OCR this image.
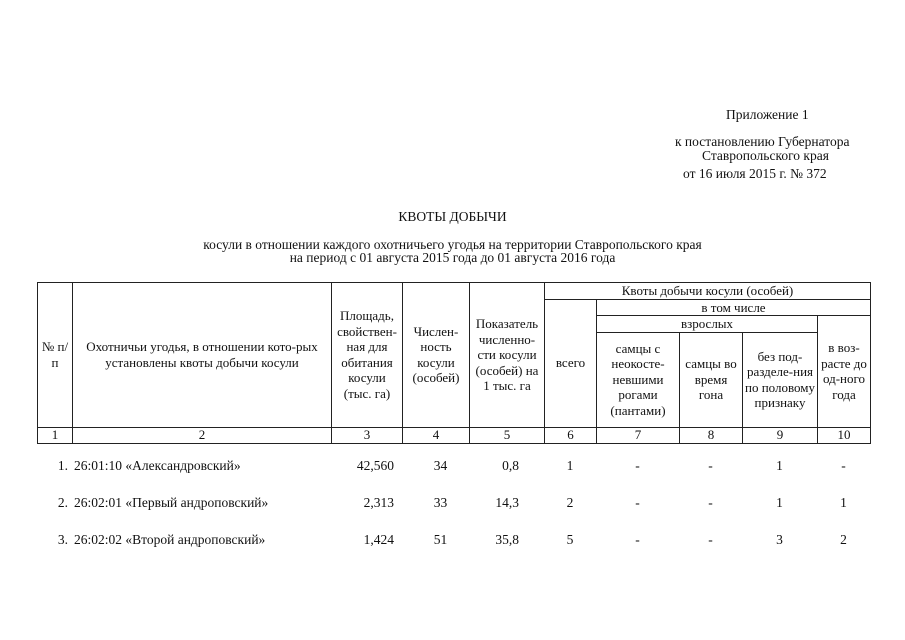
Приложение 1
к постановлению Губернатора
Ставропольского края
от 16 июля 2015 г. № 372
КВОТЫ ДОБЫЧИ
косули в отношении каждого охотничьего угодья на территории Ставропольского края
на период с 01 августа 2015 года до 01 августа 2016 года
№ п/п	Охотничьи угодья, в отношении кото-рых установлены квоты добычи косули	Площадь, свойствен-ная для обитания косули (тыс. га)	Числен-ность косули (особей)	Показатель численно-сти косули (особей) на 1 тыс. га	Квоты добычи косули (особей)				
					всего	в том числе			
						взрослых			в воз-расте до од-ного года
						самцы с неокосте-невшими рогами (пантами)	самцы во время гона	без под-разделе-ния по половому признаку	
1	2	3	4	5	6	7	8	9	10
1.	26:01:10 «Александровский»	42,560	34	0,8	1	-	-	1	-
2.	26:02:01 «Первый андроповский»	2,313	33	14,3	2	-	-	1	1
3.	26:02:02 «Второй андроповский»	1,424	51	35,8	5	-	-	3	2
